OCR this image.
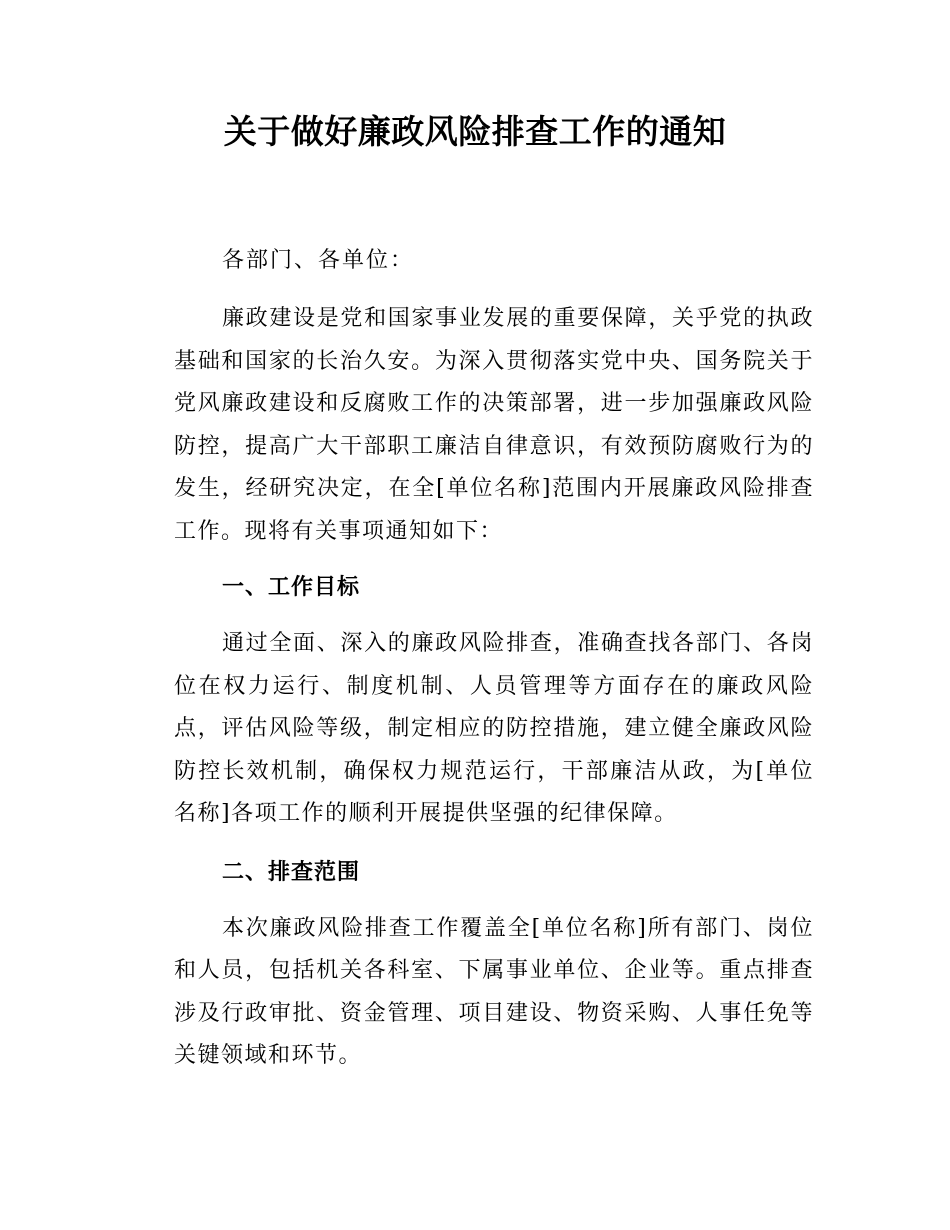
关于做好廉政风险排查工作的通知

各部门、各单位：

廉政建设是党和国家事业发展的重要保障，关乎党的执政基础和国家的长治久安。为深入贯彻落实党中央、国务院关于党风廉政建设和反腐败工作的决策部署，进一步加强廉政风险防控，提高广大干部职工廉洁自律意识，有效预防腐败行为的发生，经研究决定，在全[单位名称]范围内开展廉政风险排查工作。现将有关事项通知如下：

一、工作目标

通过全面、深入的廉政风险排查，准确查找各部门、各岗位在权力运行、制度机制、人员管理等方面存在的廉政风险点，评估风险等级，制定相应的防控措施，建立健全廉政风险防控长效机制，确保权力规范运行，干部廉洁从政，为[单位名称]各项工作的顺利开展提供坚强的纪律保障。

二、排查范围

本次廉政风险排查工作覆盖全[单位名称]所有部门、岗位和人员，包括机关各科室、下属事业单位、企业等。重点排查涉及行政审批、资金管理、项目建设、物资采购、人事任免等关键领域和环节。
